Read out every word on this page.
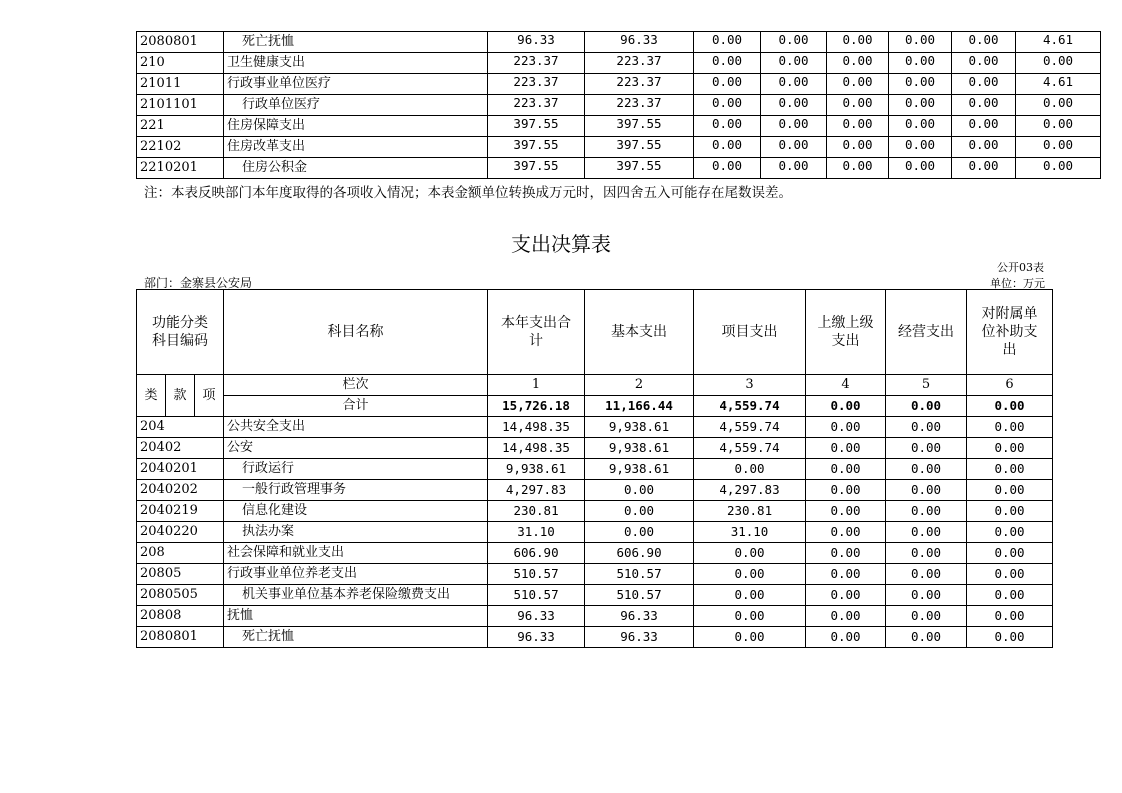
2080801	死亡抚恤	96.33	96.33	0.00	0.00	0.00	0.00	0.00	4.61
210	卫生健康支出	223.37	223.37	0.00	0.00	0.00	0.00	0.00	0.00
21011	行政事业单位医疗	223.37	223.37	0.00	0.00	0.00	0.00	0.00	4.61
2101101	行政单位医疗	223.37	223.37	0.00	0.00	0.00	0.00	0.00	0.00
221	住房保障支出	397.55	397.55	0.00	0.00	0.00	0.00	0.00	0.00
22102	住房改革支出	397.55	397.55	0.00	0.00	0.00	0.00	0.00	0.00
2210201	住房公积金	397.55	397.55	0.00	0.00	0.00	0.00	0.00	0.00
注：本表反映部门本年度取得的各项收入情况；本表金额单位转换成万元时，因四舍五入可能存在尾数误差。
支出决算表
公开03表
单位：万元
部门：金寨县公安局
功能分类科目编码			科目名称	本年支出合计	基本支出	项目支出	上缴上级支出	经营支出	对附属单位补助支出
类	款	项	栏次	1	2	3	4	5	6
			合计	15,726.18	11,166.44	4,559.74	0.00	0.00	0.00
204			公共安全支出	14,498.35	9,938.61	4,559.74	0.00	0.00	0.00
20402			公安	14,498.35	9,938.61	4,559.74	0.00	0.00	0.00
2040201			行政运行	9,938.61	9,938.61	0.00	0.00	0.00	0.00
2040202			一般行政管理事务	4,297.83	0.00	4,297.83	0.00	0.00	0.00
2040219			信息化建设	230.81	0.00	230.81	0.00	0.00	0.00
2040220			执法办案	31.10	0.00	31.10	0.00	0.00	0.00
208			社会保障和就业支出	606.90	606.90	0.00	0.00	0.00	0.00
20805			行政事业单位养老支出	510.57	510.57	0.00	0.00	0.00	0.00
2080505			机关事业单位基本养老保险缴费支出	510.57	510.57	0.00	0.00	0.00	0.00
20808			抚恤	96.33	96.33	0.00	0.00	0.00	0.00
2080801			死亡抚恤	96.33	96.33	0.00	0.00	0.00	0.00
